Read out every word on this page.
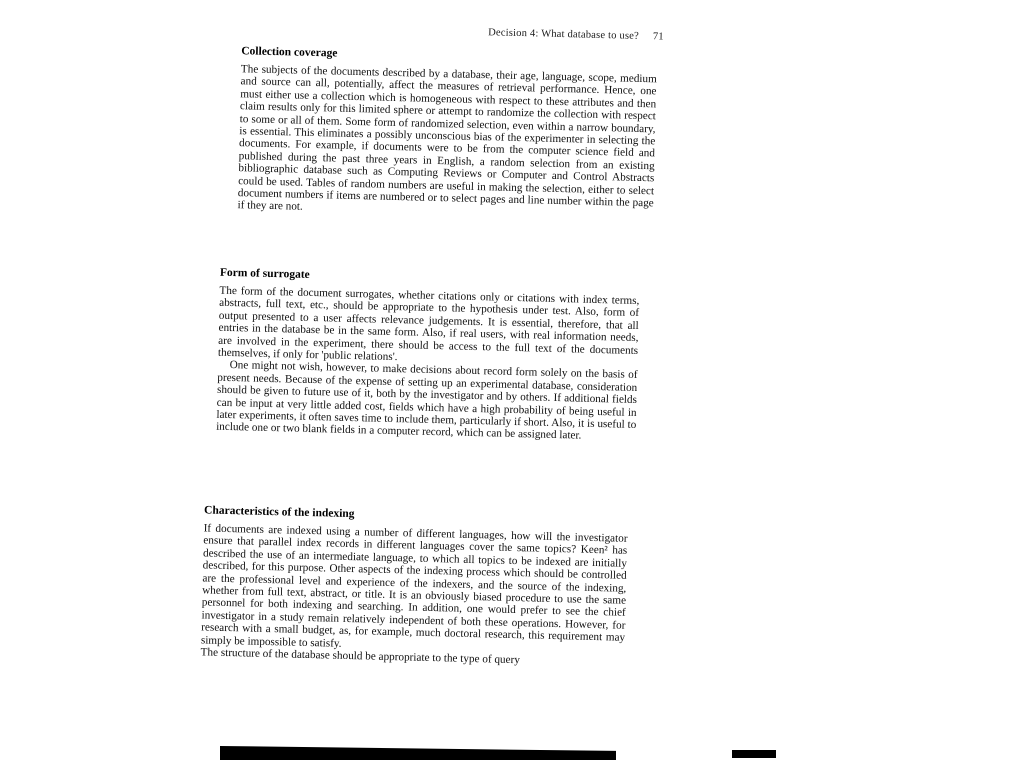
Decision 4: What database to use? 71
Collection coverage

The subjects of the documents described by a database, their age, language, scope, medium and source can all, potentially, affect the measures of retrieval performance. Hence, one must either use a collection which is homogeneous with respect to these attributes and then claim results only for this limited sphere or attempt to randomize the collection with respect to some or all of them. Some form of randomized selection, even within a narrow boundary, is essential. This eliminates a possibly unconscious bias of the experimenter in selecting the documents. For example, if documents were to be from the computer science field and published during the past three years in English, a random selection from an existing bibliographic database such as Computing Reviews or Computer and Control Abstracts could be used. Tables of random numbers are useful in making the selection, either to select document numbers if items are numbered or to select pages and line number within the page if they are not.

Form of surrogate

The form of the document surrogates, whether citations only or citations with index terms, abstracts, full text, etc., should be appropriate to the hypothesis under test. Also, form of output presented to a user affects relevance judgements. It is essential, therefore, that all entries in the database be in the same form. Also, if real users, with real information needs, are involved in the experiment, there should be access to the full text of the documents themselves, if only for 'public relations'.

One might not wish, however, to make decisions about record form solely on the basis of present needs. Because of the expense of setting up an experimental database, consideration should be given to future use of it, both by the investigator and by others. If additional fields can be input at very little added cost, fields which have a high probability of being useful in later experiments, it often saves time to include them, particularly if short. Also, it is useful to include one or two blank fields in a computer record, which can be assigned later.

Characteristics of the indexing

If documents are indexed using a number of different languages, how will the investigator ensure that parallel index records in different languages cover the same topics? Keen² has described the use of an intermediate language, to which all topics to be indexed are initially described, for this purpose. Other aspects of the indexing process which should be controlled are the professional level and experience of the indexers, and the source of the indexing, whether from full text, abstract, or title. It is an obviously biased procedure to use the same personnel for both indexing and searching. In addition, one would prefer to see the chief investigator in a study remain relatively independent of both these operations. However, for research with a small budget, as, for example, much doctoral research, this requirement may simply be impossible to satisfy.

The structure of the database should be appropriate to the type of query
